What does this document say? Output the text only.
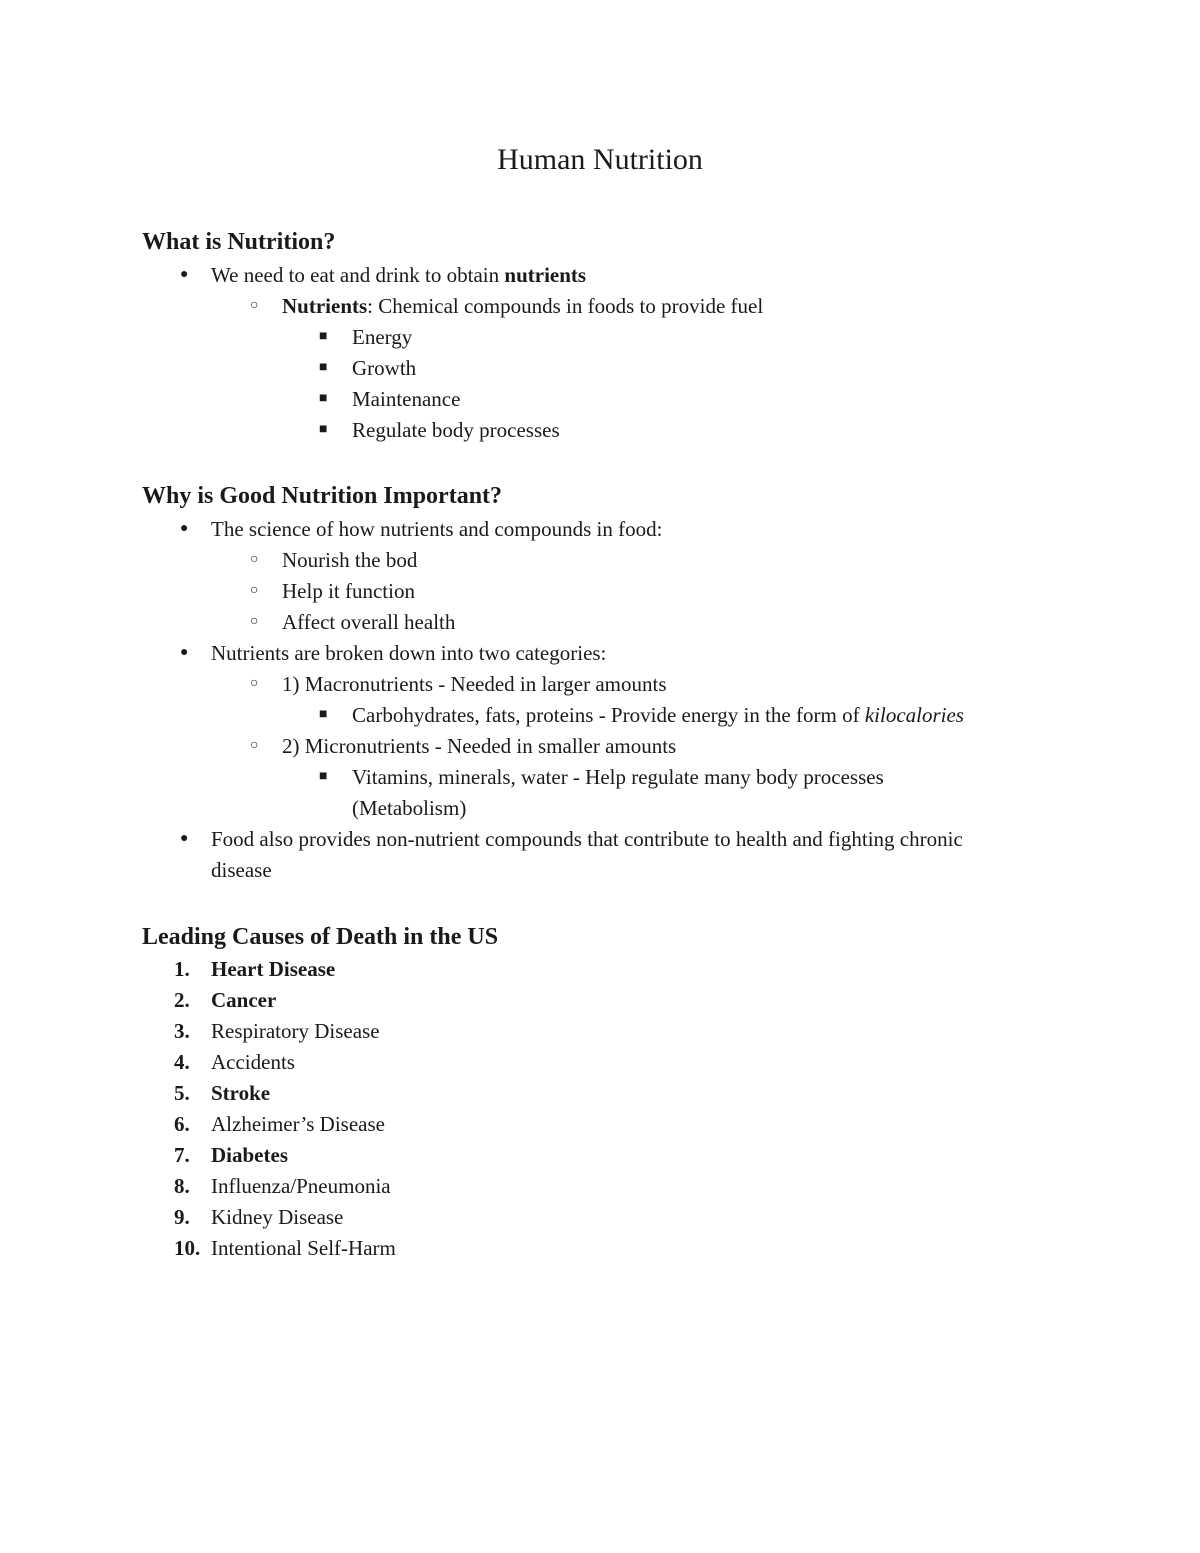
Human Nutrition
What is Nutrition?
● We need to eat and drink to obtain nutrients
○ Nutrients: Chemical compounds in foods to provide fuel
■ Energy
■ Growth
■ Maintenance
■ Regulate body processes
Why is Good Nutrition Important?
● The science of how nutrients and compounds in food:
○ Nourish the bod
○ Help it function
○ Affect overall health
● Nutrients are broken down into two categories:
○ 1) Macronutrients - Needed in larger amounts
■ Carbohydrates, fats, proteins - Provide energy in the form of kilocalories
○ 2) Micronutrients - Needed in smaller amounts
■ Vitamins, minerals, water - Help regulate many body processes
(Metabolism)
● Food also provides non-nutrient compounds that contribute to health and fighting chronic
disease
Leading Causes of Death in the US
1. Heart Disease
2. Cancer
3. Respiratory Disease
4. Accidents
5. Stroke
6. Alzheimer’s Disease
7. Diabetes
8. Influenza/Pneumonia
9. Kidney Disease
10. Intentional Self-Harm
